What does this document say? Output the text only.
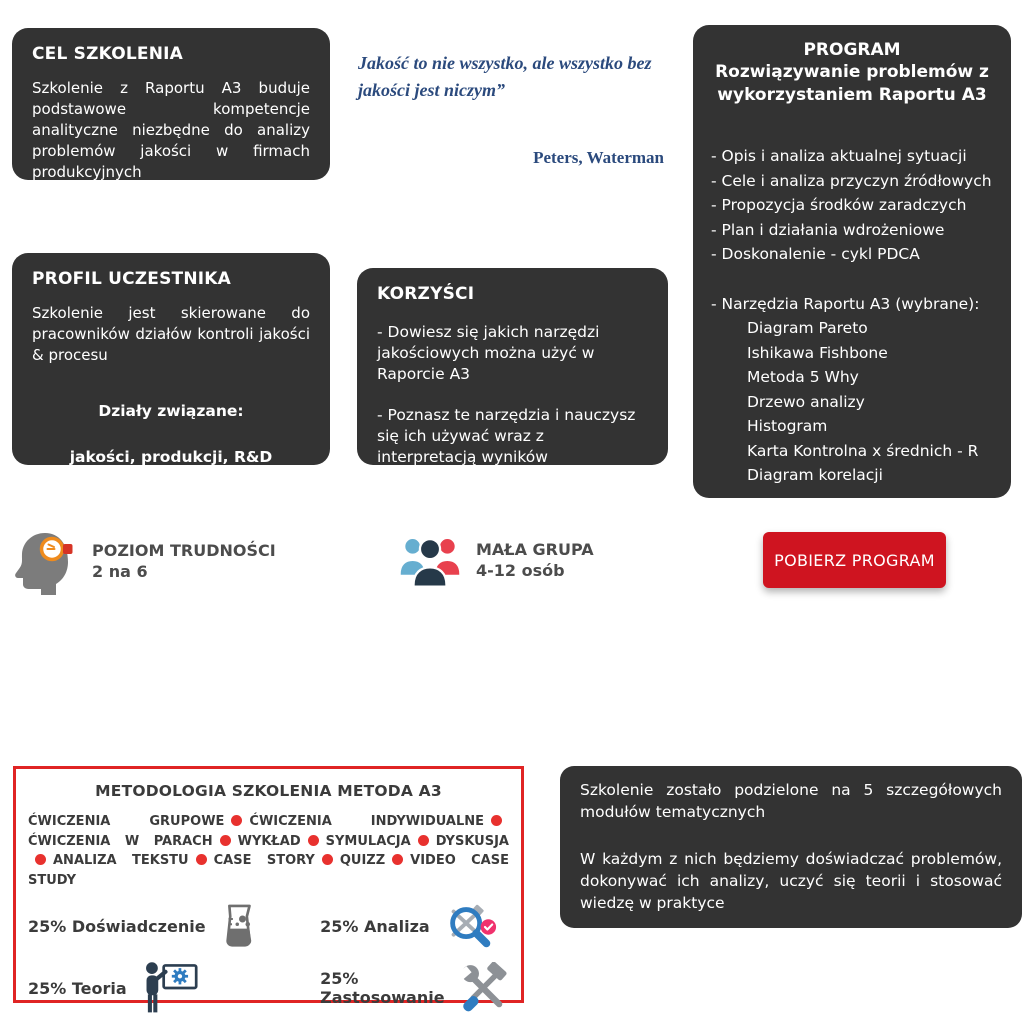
CEL SZKOLENIA
Szkolenie z Raportu A3 buduje podstawowe kompetencje analityczne niezbędne do analizy problemów jakości w firmach produkcyjnych
Jakość to nie wszystko, ale wszystko bez jakości jest niczym”
Peters, Waterman
PROGRAM
Rozwiązywanie problemów z wykorzystaniem Raportu A3
- Opis i analiza aktualnej sytuacji
- Cele i analiza przyczyn źródłowych
- Propozycja środków zaradczych
- Plan i działania wdrożeniowe
- Doskonalenie - cykl PDCA
- Narzędzia Raportu A3 (wybrane):
Diagram Pareto
Ishikawa Fishbone
Metoda 5 Why
Drzewo analizy
Histogram
Karta Kontrolna x średnich - R
Diagram korelacji
PROFIL UCZESTNIKA
Szkolenie jest skierowane do pracowników działów kontroli jakości & procesu
Działy związane:
jakości, produkcji, R&D
KORZYŚCI
- Dowiesz się jakich narzędzi jakościowych można użyć w Raporcie A3
- Poznasz te narzędzia i nauczysz się ich używać wraz z interpretacją wyników
POZIOM TRUDNOŚCI
2 na 6
MAŁA GRUPA
4-12 osób
POBIERZ PROGRAM
METODOLOGIA SZKOLENIA METODA A3
ĆWICZENIA GRUPOWE ĆWICZENIA INDYWIDUALNEĆWICZENIA W PARACH WYKŁAD SYMULACJA DYSKUSJAANALIZA TEKSTU CASE STORY QUIZZ VIDEO CASE STUDY
25% Doświadczenie	25% Analiza
25% Teoria	25% Zastosowanie

Szkolenie zostało podzielone na 5 szczegółowych modułów tematycznych

W każdym z nich będziemy doświadczać problemów, dokonywać ich analizy, uczyć się teorii i stosować wiedzę w praktyce
